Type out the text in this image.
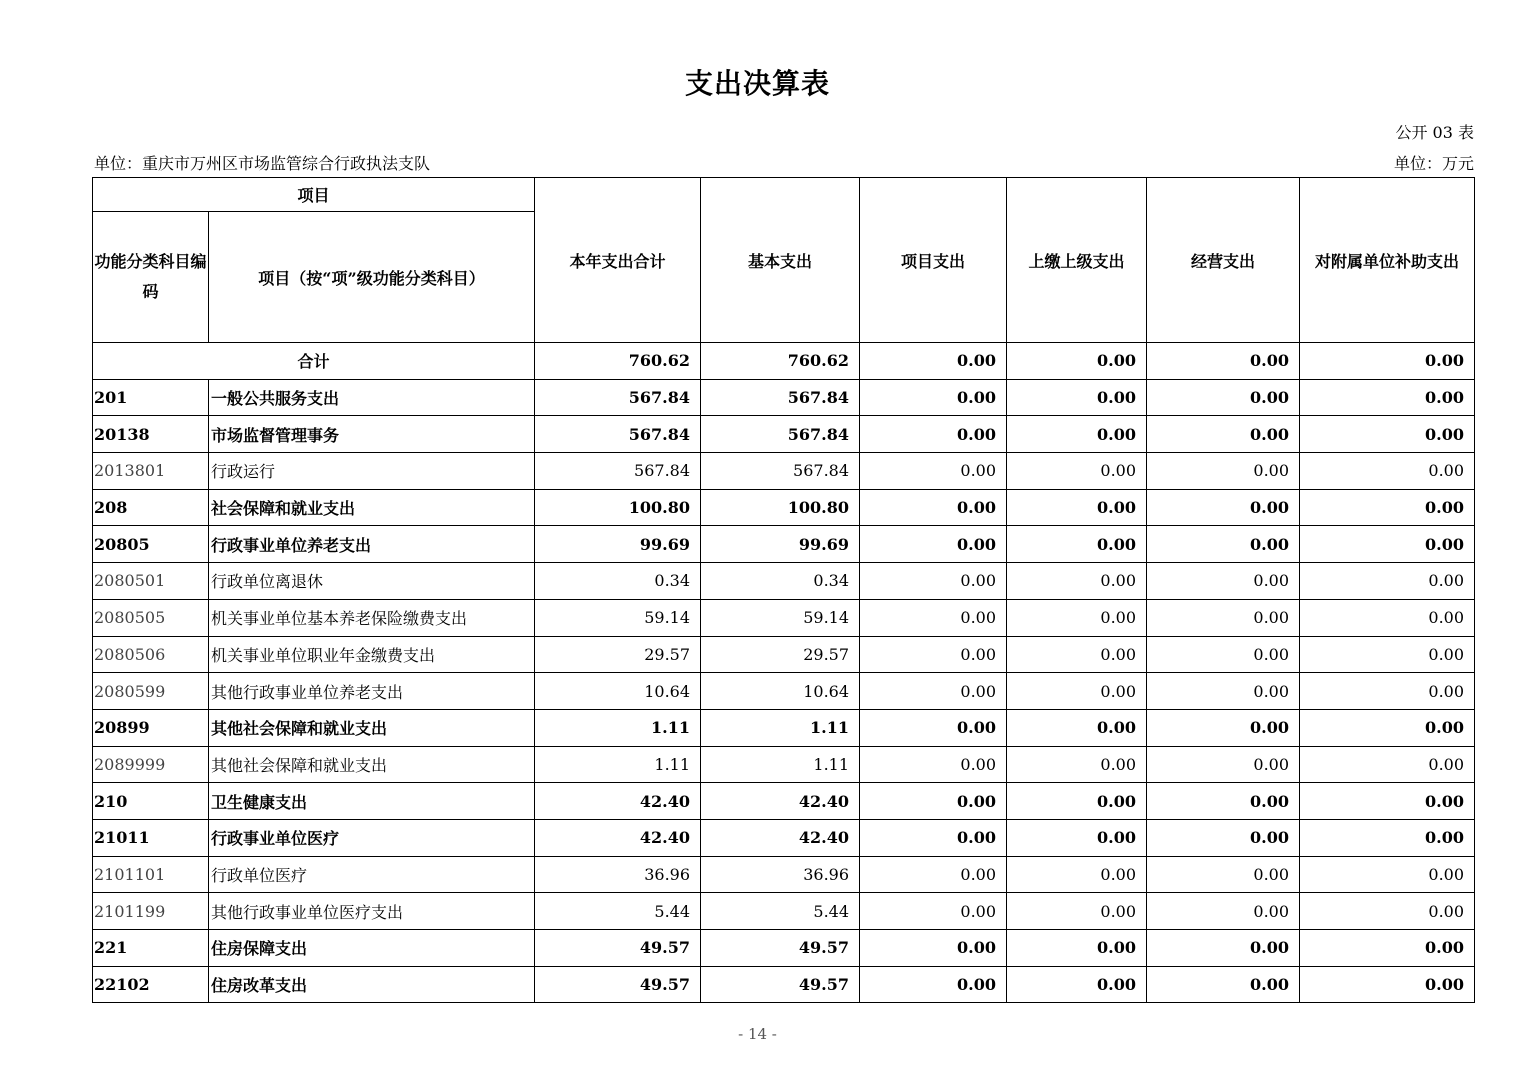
支出决算表
公开 03 表
单位：重庆市万州区市场监管综合行政执法支队	单位：万元
项目		本年支出合计	基本支出	项目支出	上缴上级支出	经营支出	对附属单位补助支出
功能分类科目编码	项目（按“项”级功能分类科目）						
合计		760.62	760.62	0.00	0.00	0.00	0.00
201	一般公共服务支出	567.84	567.84	0.00	0.00	0.00	0.00
20138	市场监督管理事务	567.84	567.84	0.00	0.00	0.00	0.00
2013801	行政运行	567.84	567.84	0.00	0.00	0.00	0.00
208	社会保障和就业支出	100.80	100.80	0.00	0.00	0.00	0.00
20805	行政事业单位养老支出	99.69	99.69	0.00	0.00	0.00	0.00
2080501	行政单位离退休	0.34	0.34	0.00	0.00	0.00	0.00
2080505	机关事业单位基本养老保险缴费支出	59.14	59.14	0.00	0.00	0.00	0.00
2080506	机关事业单位职业年金缴费支出	29.57	29.57	0.00	0.00	0.00	0.00
2080599	其他行政事业单位养老支出	10.64	10.64	0.00	0.00	0.00	0.00
20899	其他社会保障和就业支出	1.11	1.11	0.00	0.00	0.00	0.00
2089999	其他社会保障和就业支出	1.11	1.11	0.00	0.00	0.00	0.00
210	卫生健康支出	42.40	42.40	0.00	0.00	0.00	0.00
21011	行政事业单位医疗	42.40	42.40	0.00	0.00	0.00	0.00
2101101	行政单位医疗	36.96	36.96	0.00	0.00	0.00	0.00
2101199	其他行政事业单位医疗支出	5.44	5.44	0.00	0.00	0.00	0.00
221	住房保障支出	49.57	49.57	0.00	0.00	0.00	0.00
22102	住房改革支出	49.57	49.57	0.00	0.00	0.00	0.00
- 14 -
